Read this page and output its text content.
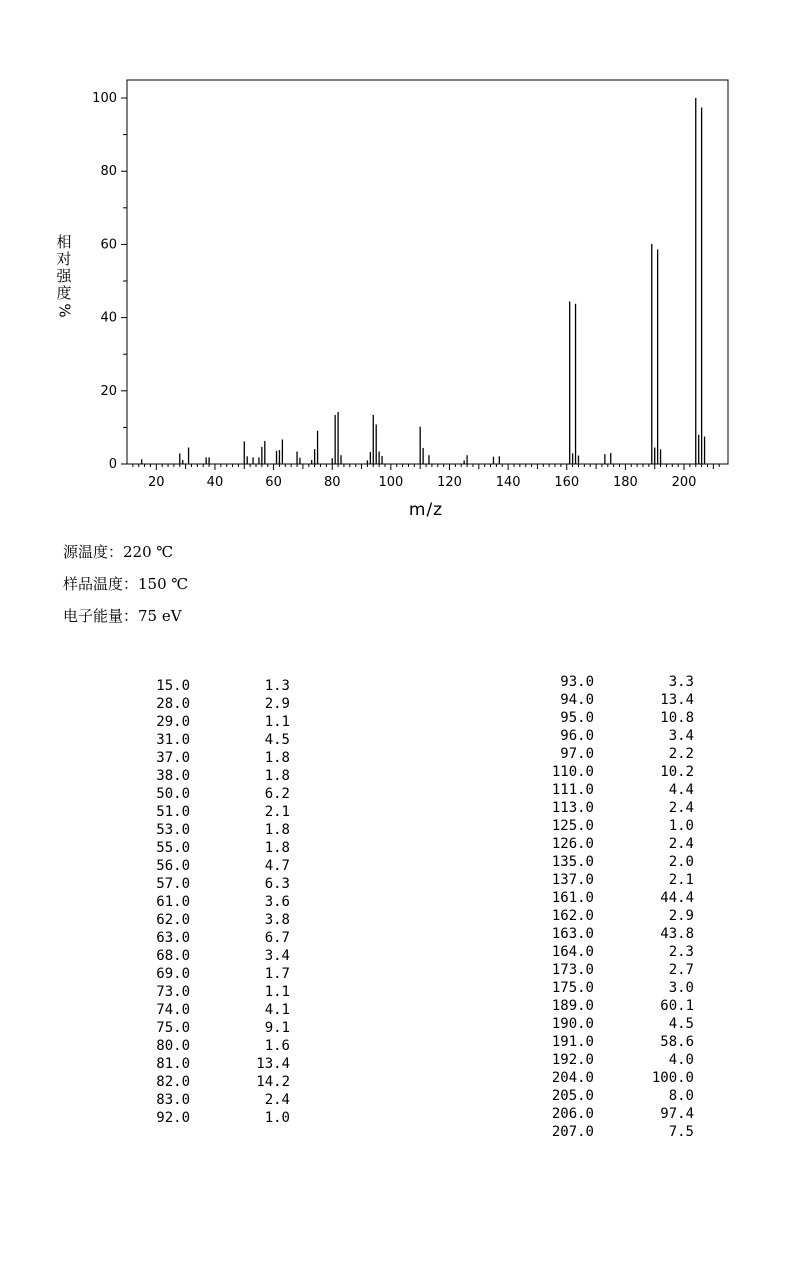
20	40	60	80	100	120	140	160	180	200
0
20
40
60
80
100
相
对
强
度
%
m/z
源温度：220 ℃
样品温度：150 ℃
电子能量：75 eV
15.0	1.3
28.0	2.9
29.0	1.1
31.0	4.5
37.0	1.8
38.0	1.8
50.0	6.2
51.0	2.1
53.0	1.8
55.0	1.8
56.0	4.7
57.0	6.3
61.0	3.6
62.0	3.8
63.0	6.7
68.0	3.4
69.0	1.7
73.0	1.1
74.0	4.1
75.0	9.1
80.0	1.6
81.0	13.4
82.0	14.2
83.0	2.4
92.0	1.0
93.0	3.3
94.0	13.4
95.0	10.8
96.0	3.4
97.0	2.2
110.0	10.2
111.0	4.4
113.0	2.4
125.0	1.0
126.0	2.4
135.0	2.0
137.0	2.1
161.0	44.4
162.0	2.9
163.0	43.8
164.0	2.3
173.0	2.7
175.0	3.0
189.0	60.1
190.0	4.5
191.0	58.6
192.0	4.0
204.0	100.0
205.0	8.0
206.0	97.4
207.0	7.5
